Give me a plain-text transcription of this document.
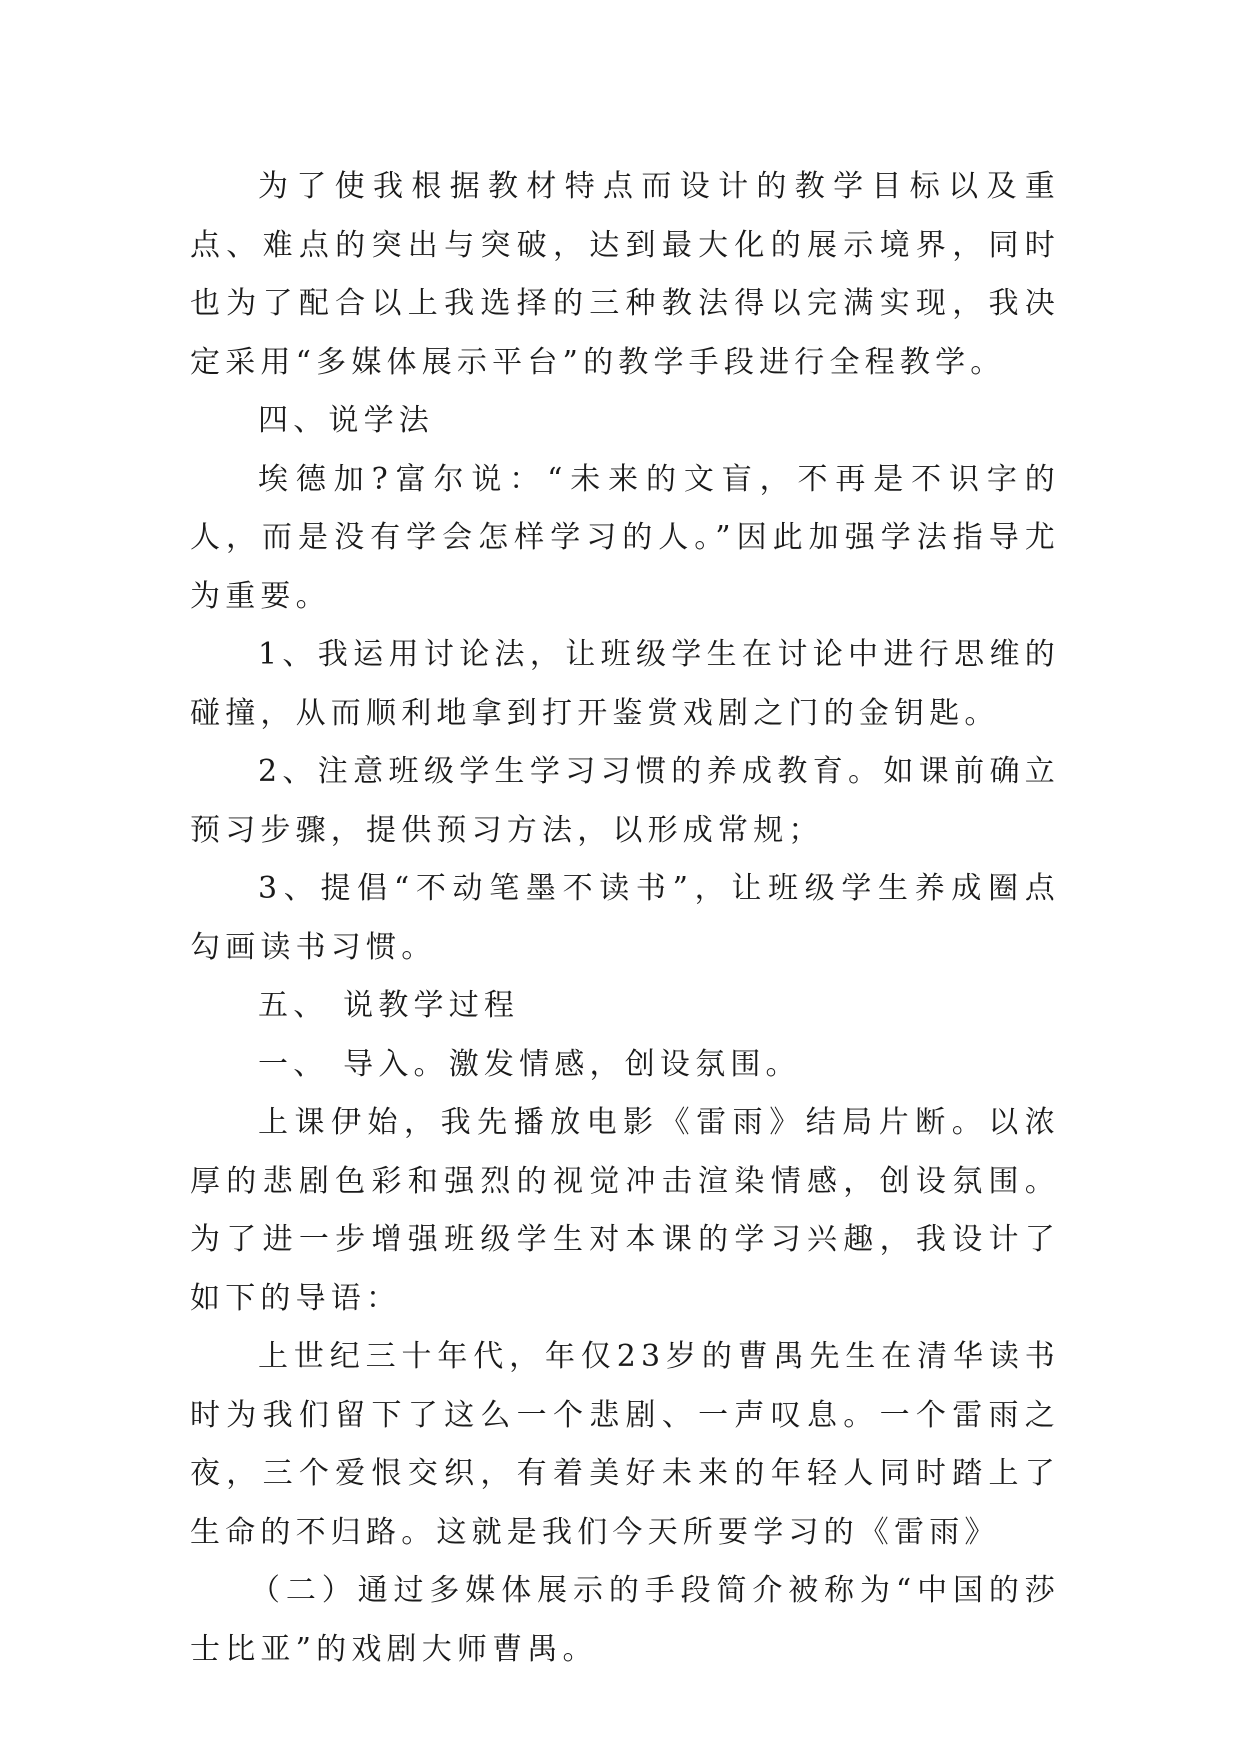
为了使我根据教材特点而设计的教学目标以及重点、难点的突出与突破，达到最大化的展示境界，同时也为了配合以上我选择的三种教法得以完满实现，我决定采用“多媒体展示平台”的教学手段进行全程教学。

四、说学法

埃德加?富尔说：“未来的文盲，不再是不识字的人，而是没有学会怎样学习的人。”因此加强学法指导尤为重要。

1、我运用讨论法，让班级学生在讨论中进行思维的碰撞，从而顺利地拿到打开鉴赏戏剧之门的金钥匙。

2、注意班级学生学习习惯的养成教育。如课前确立预习步骤，提供预习方法，以形成常规；

3、提倡“不动笔墨不读书”，让班级学生养成圈点勾画读书习惯。

五、 说教学过程

一、 导入。激发情感，创设氛围。

上课伊始，我先播放电影《雷雨》结局片断。以浓厚的悲剧色彩和强烈的视觉冲击渲染情感，创设氛围。为了进一步增强班级学生对本课的学习兴趣，我设计了如下的导语：

上世纪三十年代，年仅23岁的曹禺先生在清华读书时为我们留下了这么一个悲剧、一声叹息。一个雷雨之夜，三个爱恨交织，有着美好未来的年轻人同时踏上了生命的不归路。这就是我们今天所要学习的《雷雨》

（二）通过多媒体展示的手段简介被称为“中国的莎士比亚”的戏剧大师曹禺。
